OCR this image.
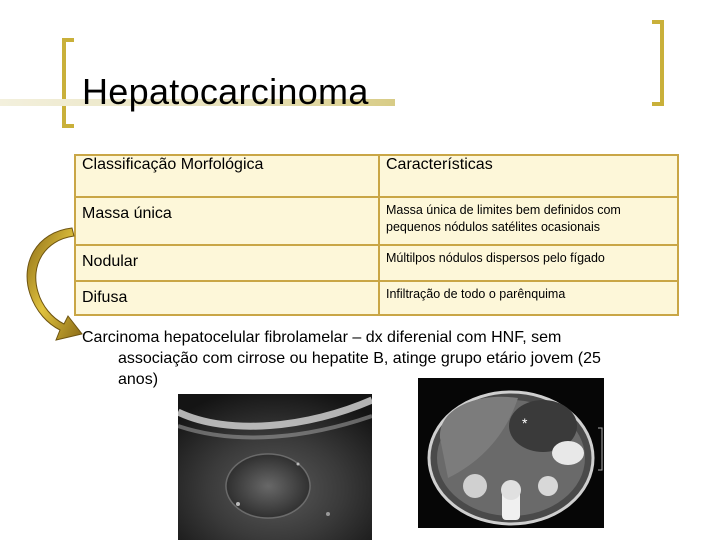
Hepatocarcinoma
Classificação Morfológica	Características

Massa única	Massa única de limites bem definidos com pequenos nódulos satélites ocasionais

Nodular	Múltilpos nódulos dispersos pelo fígado

Difusa	Infiltração de todo o parênquima
Carcinoma hepatocelular fibrolamelar – dx diferenial com HNF, sem
associação com cirrose ou hepatite B, atinge grupo etário jovem (25
anos)
*
